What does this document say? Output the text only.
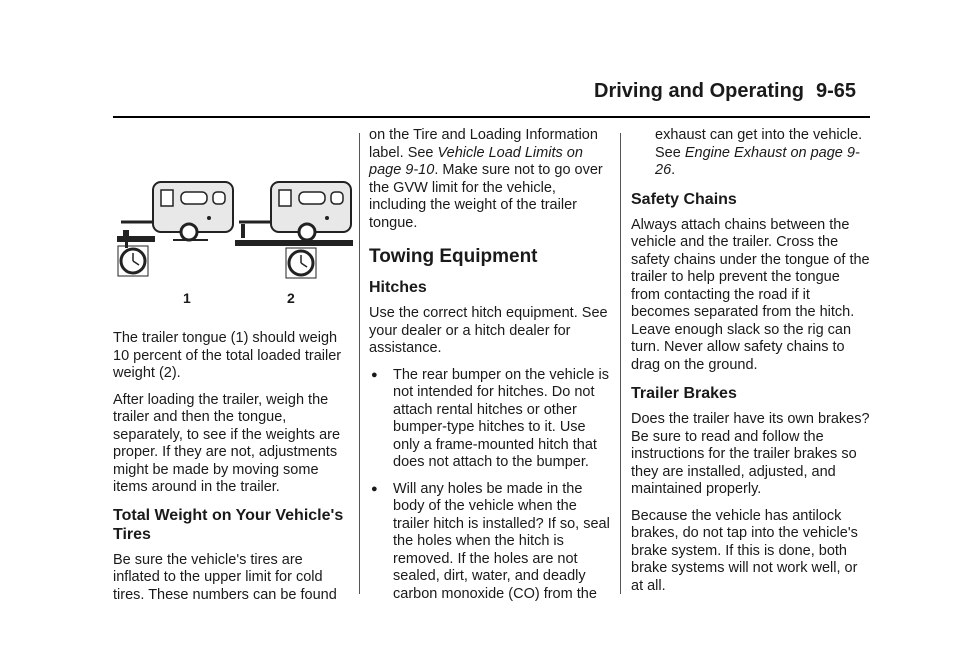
Driving and Operating 9-65
1	2

The trailer tongue (1) should weigh 10 percent of the total loaded trailer weight (2).

After loading the trailer, weigh the trailer and then the tongue, separately, to see if the weights are proper. If they are not, adjustments might be made by moving some items around in the trailer.

Total Weight on Your Vehicle's Tires

Be sure the vehicle's tires are inflated to the upper limit for cold tires. These numbers can be found

on the Tire and Loading Information label. See Vehicle Load Limits on page 9-10. Make sure not to go over the GVW limit for the vehicle, including the weight of the trailer tongue.

Towing Equipment
Hitches

Use the correct hitch equipment. See your dealer or a hitch dealer for assistance.

● The rear bumper on the vehicle is not intended for hitches. Do not attach rental hitches or other bumper-type hitches to it. Use only a frame-mounted hitch that does not attach to the bumper.
● Will any holes be made in the body of the vehicle when the trailer hitch is installed? If so, seal the holes when the hitch is removed. If the holes are not sealed, dirt, water, and deadly carbon monoxide (CO) from the

exhaust can get into the vehicle. See Engine Exhaust on page 9-26.

Safety Chains

Always attach chains between the vehicle and the trailer. Cross the safety chains under the tongue of the trailer to help prevent the tongue from contacting the road if it becomes separated from the hitch. Leave enough slack so the rig can turn. Never allow safety chains to drag on the ground.

Trailer Brakes

Does the trailer have its own brakes? Be sure to read and follow the instructions for the trailer brakes so they are installed, adjusted, and maintained properly.

Because the vehicle has antilock brakes, do not tap into the vehicle's brake system. If this is done, both brake systems will not work well, or at all.
